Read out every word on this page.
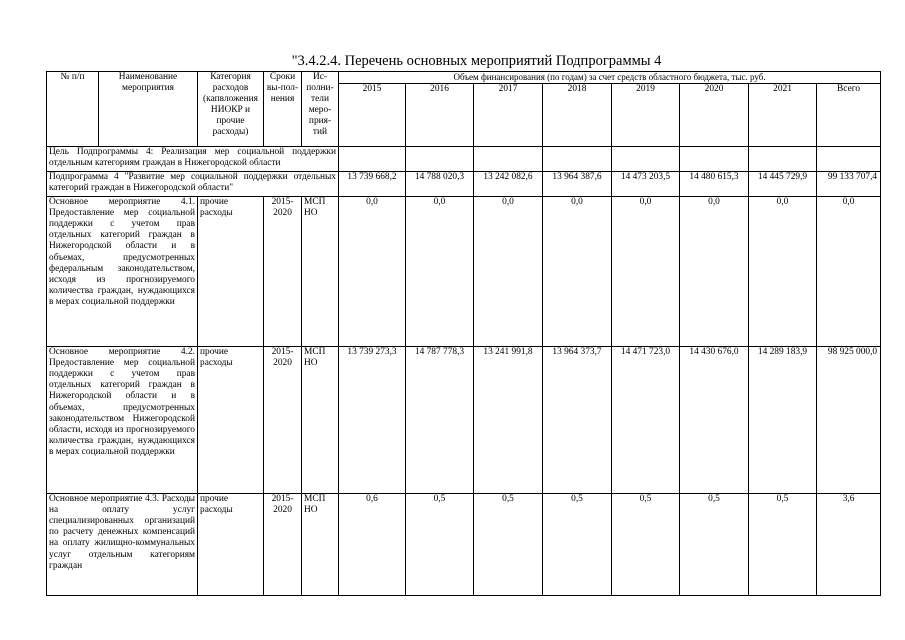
"3.4.2.4. Перечень основных мероприятий Подпрограммы 4
№ п/п	Наименование мероприятия	Категория расходов (капвложения НИОКР и прочие расходы)	Сроки вы-пол-нения	Ис-полни-тели меро-прия-тий	Объем финансирования (по годам) за счет средств областного бюджета, тыс. руб.							
					2015	2016	2017	2018	2019	2020	2021	Всего
Цель Подпрограммы 4: Реализация мер социальной поддержки отдельным категориям граждан в Нижегородской области												
Подпрограмма 4 "Развитие мер социальной поддержки отдельных категорий граждан в Нижегородской области"					13 739 668,2	14 788 020,3	13 242 082,6	13 964 387,6	14 473 203,5	14 480 615,3	14 445 729,9	99 133 707,4
Основное мероприятие 4.1. Предоставление мер социальной поддержки с учетом прав отдельных категорий граждан в Нижегородской области и в объемах, предусмотренных федеральным законодательством, исходя из прогнозируемого количества граждан, нуждающихся в мерах социальной поддержки		прочие расходы	2015-2020	МСП НО	0,0	0,0	0,0	0,0	0,0	0,0	0,0	0,0
Основное мероприятие 4.2. Предоставление мер социальной поддержки с учетом прав отдельных категорий граждан в Нижегородской области и в объемах, предусмотренных законодательством Нижегородской области, исходя из прогнозируемого количества граждан, нуждающихся в мерах социальной поддержки		прочие расходы	2015-2020	МСП НО	13 739 273,3	14 787 778,3	13 241 991,8	13 964 373,7	14 471 723,0	14 430 676,0	14 289 183,9	98 925 000,0
Основное мероприятие 4.3. Расходы на оплату услуг специализированных организаций по расчету денежных компенсаций на оплату жилищно-коммунальных услуг отдельным категориям граждан		прочие расходы	2015-2020	МСП НО	0,6	0,5	0,5	0,5	0,5	0,5	0,5	3,6
